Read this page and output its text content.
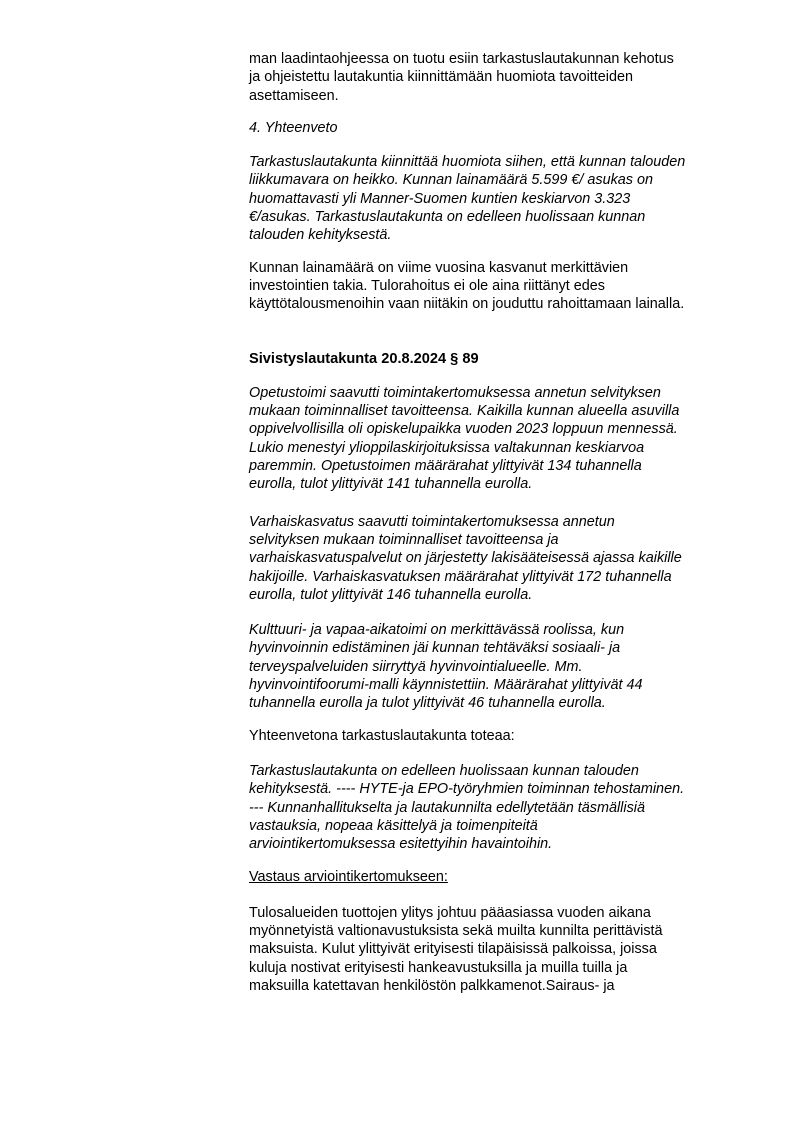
man laadintaohjeessa on tuotu esiin tarkastuslautakunnan kehotus
ja ohjeistettu lautakuntia kiinnittämään huomiota tavoitteiden
asettamiseen.

4. Yhteenveto

Tarkastuslautakunta kiinnittää huomiota siihen, että kunnan talouden
liikkumavara on heikko. Kunnan lainamäärä 5.599 €/ asukas on
huomattavasti yli Manner-Suomen kuntien keskiarvon 3.323
€/asukas. Tarkastuslautakunta on edelleen huolissaan kunnan
talouden kehityksestä.

Kunnan lainamäärä on viime vuosina kasvanut merkittävien
investointien takia. Tulorahoitus ei ole aina riittänyt edes
käyttötalousmenoihin vaan niitäkin on jouduttu rahoittamaan lainalla.

Sivistyslautakunta 20.8.2024 § 89

Opetustoimi saavutti toimintakertomuksessa annetun selvityksen
mukaan toiminnalliset tavoitteensa. Kaikilla kunnan alueella asuvilla
oppivelvollisilla oli opiskelupaikka vuoden 2023 loppuun mennessä.
Lukio menestyi ylioppilaskirjoituksissa valtakunnan keskiarvoa
paremmin. Opetustoimen määrärahat ylittyivät 134 tuhannella
eurolla, tulot ylittyivät 141 tuhannella eurolla.

Varhaiskasvatus saavutti toimintakertomuksessa annetun
selvityksen mukaan toiminnalliset tavoitteensa ja
varhaiskasvatuspalvelut on järjestetty lakisääteisessä ajassa kaikille
hakijoille. Varhaiskasvatuksen määrärahat ylittyivät 172 tuhannella
eurolla, tulot ylittyivät 146 tuhannella eurolla.

Kulttuuri- ja vapaa-aikatoimi on merkittävässä roolissa, kun
hyvinvoinnin edistäminen jäi kunnan tehtäväksi sosiaali- ja
terveyspalveluiden siirryttyä hyvinvointialueelle. Mm.
hyvinvointifoorumi-malli käynnistettiin. Määrärahat ylittyivät 44
tuhannella eurolla ja tulot ylittyivät 46 tuhannella eurolla.

Yhteenvetona tarkastuslautakunta toteaa:

Tarkastuslautakunta on edelleen huolissaan kunnan talouden
kehityksestä. ---- HYTE-ja EPO-työryhmien toiminnan tehostaminen.
--- Kunnanhallitukselta ja lautakunnilta edellytetään täsmällisiä
vastauksia, nopeaa käsittelyä ja toimenpiteitä
arviointikertomuksessa esitettyihin havaintoihin.

Vastaus arviointikertomukseen:

Tulosalueiden tuottojen ylitys johtuu pääasiassa vuoden aikana
myönnetyistä valtionavustuksista sekä muilta kunnilta perittävistä
maksuista. Kulut ylittyivät erityisesti tilapäisissä palkoissa, joissa
kuluja nostivat erityisesti hankeavustuksilla ja muilla tuilla ja
maksuilla katettavan henkilöstön palkkamenot.Sairaus- ja
